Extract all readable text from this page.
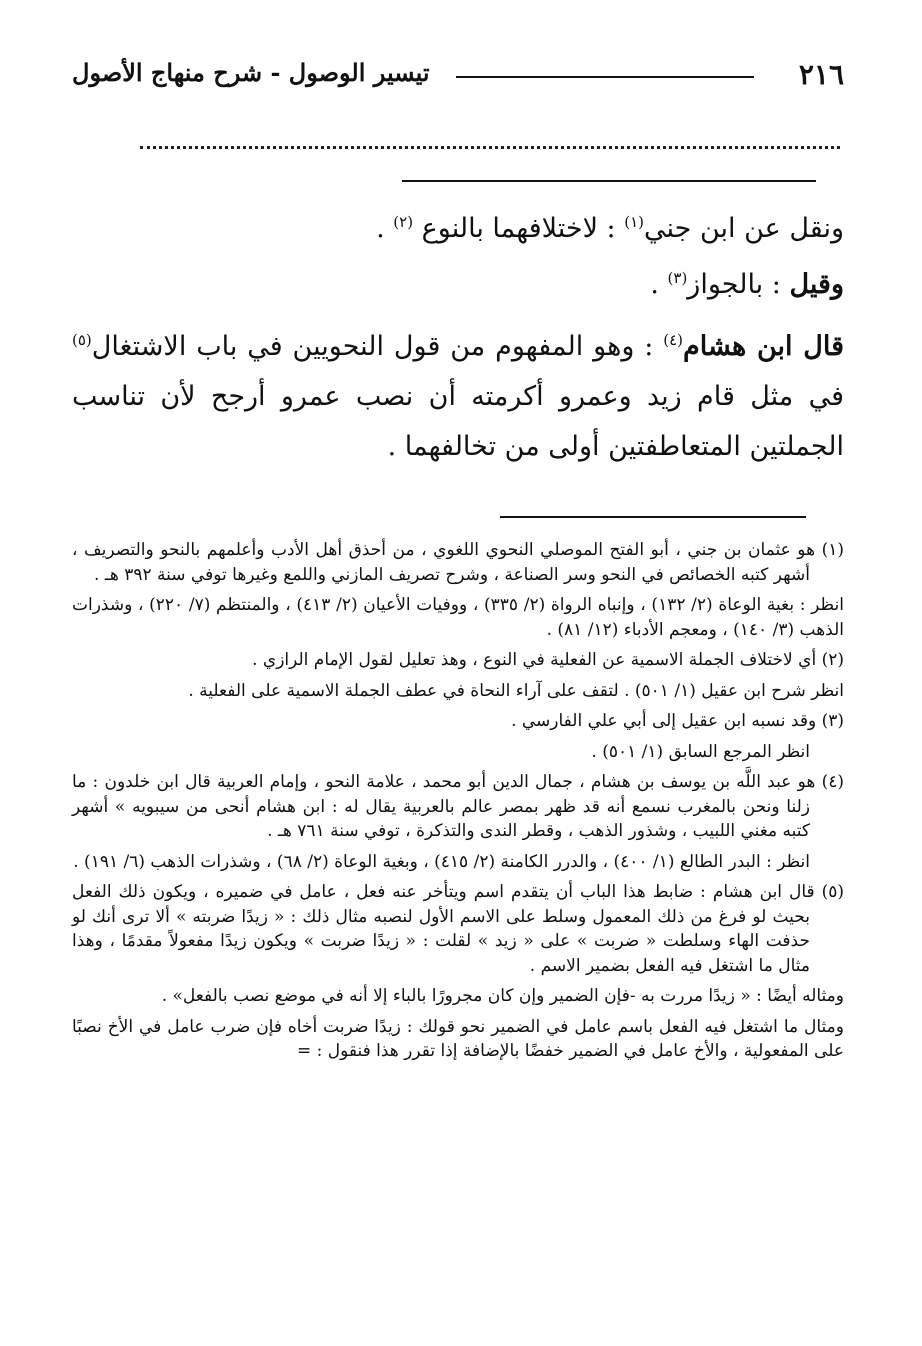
٢١٦
تيسير الوصول - شرح منهاج الأصول

ونقل عن ابن جني$^{(١)}$ : لاختلافهما بالنوع $^{(٢)}$ .

وقيل : بالجواز$^{(٣)}$ .

قال ابن هشام$^{(٤)}$ : وهو المفهوم من قول النحويين في باب الاشتغال$^{(٥)}$ في مثل قام زيد وعمرو أكرمته أن نصب عمرو أرجح لأن تناسب الجملتين المتعاطفتين أولى من تخالفهما .

(١) هو عثمان بن جني ، أبو الفتح الموصلي النحوي اللغوي ، من أحذق أهل الأدب وأعلمهم بالنحو والتصريف ، أشهر كتبه الخصائص في النحو وسر الصناعة ، وشرح تصريف المازني واللمع وغيرها توفي سنة ٣٩٢ هـ .

انظر : بغية الوعاة (٢/ ١٣٢) ، وإنباه الرواة (٢/ ٣٣٥) ، ووفيات الأعيان (٢/ ٤١٣) ، والمنتظم (٧/ ٢٢٠) ، وشذرات الذهب (٣/ ١٤٠) ، ومعجم الأدباء (١٢/ ٨١) .

(٢) أي لاختلاف الجملة الاسمية عن الفعلية في النوع ، وهذ تعليل لقول الإمام الرازي .

انظر شرح ابن عقيل (١/ ٥٠١) . لتقف على آراء النحاة في عطف الجملة الاسمية على الفعلية .

(٣) وقد نسبه ابن عقيل إلى أبي علي الفارسي .

انظر المرجع السابق (١/ ٥٠١) .

(٤) هو عبد اللَّه بن يوسف بن هشام ، جمال الدين أبو محمد ، علامة النحو ، وإمام العربية قال ابن خلدون : ما زلنا ونحن بالمغرب نسمع أنه قد ظهر بمصر عالم بالعربية يقال له : ابن هشام أنحى من سيبويه » أشهر كتبه مغني اللبيب ، وشذور الذهب ، وقطر الندى والتذكرة ، توفي سنة ٧٦١ هـ .

انظر : البدر الطالع (١/ ٤٠٠) ، والدرر الكامنة (٢/ ٤١٥) ، وبغية الوعاة (٢/ ٦٨) ، وشذرات الذهب (٦/ ١٩١) .

(٥) قال ابن هشام : ضابط هذا الباب أن يتقدم اسم ويتأخر عنه فعل ، عامل في ضميره ، ويكون ذلك الفعل بحيث لو فرغ من ذلك المعمول وسلط على الاسم الأول لنصبه مثال ذلك : « زيدًا ضربته » ألا ترى أنك لو حذفت الهاء وسلطت « ضربت » على « زيد » لقلت : « زيدًا ضربت » ويكون زيدًا مفعولاً مقدمًا ، وهذا مثال ما اشتغل فيه الفعل بضمير الاسم .

ومثاله أيضًا : « زيدًا مررت به -فإن الضمير وإن كان مجرورًا بالباء إلا أنه في موضع نصب بالفعل» .

ومثال ما اشتغل فيه الفعل باسم عامل في الضمير نحو قولك : زيدًا ضربت أخاه فإن ضرب عامل في الأخ نصبًا على المفعولية ، والأخ عامل في الضمير خفضًا بالإضافة إذا تقرر هذا فنقول : =
